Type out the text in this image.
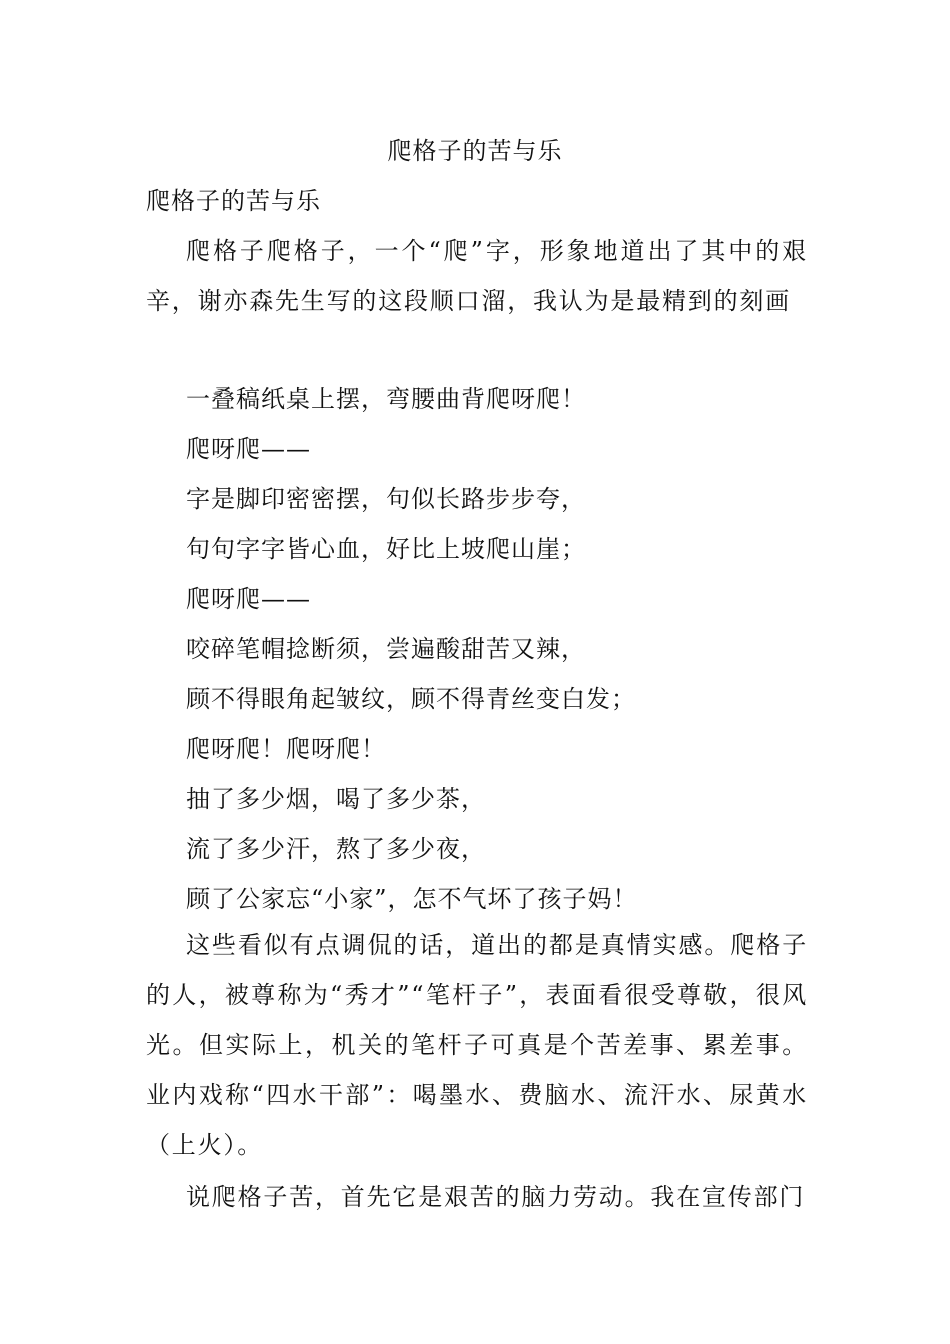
爬格子的苦与乐
爬格子的苦与乐

爬格子爬格子，一个“爬”字，形象地道出了其中的艰辛，谢亦森先生写的这段顺口溜，我认为是最精到的刻画

一叠稿纸桌上摆，弯腰曲背爬呀爬！
爬呀爬——
字是脚印密密摆，句似长路步步夸，
句句字字皆心血，好比上坡爬山崖；
爬呀爬——
咬碎笔帽捻断须，尝遍酸甜苦又辣，
顾不得眼角起皱纹，顾不得青丝变白发；
爬呀爬！爬呀爬！
抽了多少烟，喝了多少茶，
流了多少汗，熬了多少夜，
顾了公家忘“小家”，怎不气坏了孩子妈！

这些看似有点调侃的话，道出的都是真情实感。爬格子的人，被尊称为“秀才”“笔杆子”，表面看很受尊敬，很风光。但实际上，机关的笔杆子可真是个苦差事、累差事。业内戏称“四水干部”：喝墨水、费脑水、流汗水、尿黄水（上火）。

说爬格子苦，首先它是艰苦的脑力劳动。我在宣传部门
